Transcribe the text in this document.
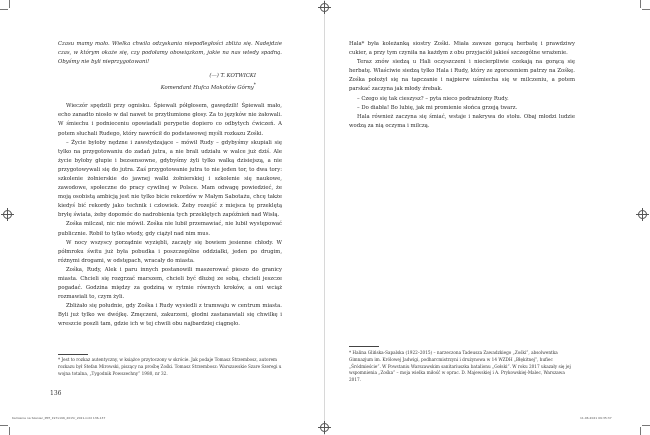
Czasu mamy mało. Wielka chwila odzyskania niepodległości zbliża się. Nadejdzie czas, w którym okaże się, czy podołamy obowiązkom, jakie na nas wtedy spadną. Obyśmy nie byli nieprzygotowani!
(—) T. KOTWICKI
Komendant Hufca Mokotów Górny*

Wieczór spędzili przy ognisku. Śpiewali półgłosem, gawędzili! Śpiewali mało, echo zanadto niosło w dal nawet te przytłumione głosy. Za to języków nie żałowali. W śmiechu i podnieceniu opowiadali perypetie dopiero co odbytych ćwiczeń. A potem słuchali Rudego, który nawrócił do podstawowej myśli rozkazu Zośki.

– Życie byłoby nędzne i zawstydzające – mówił Rudy – gdybyśmy skupiali się tylko na przygotowaniu do zadań jutra, a nie brali udziału w walce już dziś. Ale życie byłoby głupie i bezsensowne, gdybyśmy żyli tylko walką dzisiejszą, a nie przygotowywali się do jutra. Zaś przygotowanie jutra to nie jeden tor, to dwa tory: szkolenie żołnierskie do jawnej walki żołnierskiej i szkolenie się naukowe, zawodowe, społeczne do pracy cywilnej w Polsce. Mam odwagę powiedzieć, że moją osobistą ambicją jest nie tylko bicie rekordów w Małym Sabotażu, chcę także kiedyś bić rekordy jako technik i człowiek. Żeby rozejść z miejsca tę przeklętą bryłę świata, żeby dopomóc do nadrobienia tych przeklętych zapóźnień nad Wisłą.

Zośka milczał, nic nie mówił. Zośka nie lubił przemawiać, nie lubił występować publicznie. Robił to tylko wtedy, gdy ciążył nad nim mus.

W nocy wszyscy porządnie wyziębli, zaczęły się bowiem jesienne chłody. W półmroku świtu już była pobudka i poszczególne oddziałki, jeden po drugim, różnymi drogami, w odstępach, wracały do miasta.

Zośka, Rudy, Alek i paru innych postanowili maszerować pieszo do granicy miasta. Chcieli się rozgrzać marszem, chcieli być dłużej ze sobą, chcieli jeszcze pogadać. Godzina między za godziną w rytmie równych kroków, a oni wciąż rozmawiali to, czym żyli.

Zbliżało się południe, gdy Zośka i Rudy wysiedli z tramwaju w centrum miasta. Byli już tylko we dwójkę. Zmęczeni, zakurzeni, głodni zastanawiali się chwilkę i wreszcie poszli tam, gdzie ich w tej chwili obu najbardziej ciągnęło.

* Jest to rozkaz autentyczny, w książce przytoczony w skrócie. Jak podaje Tomasz Strzembosz, autorem rozkazu był Stefan Mirowski, piszący na prośbę Zośki. Tomasz Strzembosz: Warszawskie Szare Szeregi u wojna totalna, „Tygodnik Powszechny” 1980, nr 32.
136

Hala* była koleżanką siostry Zośki. Miała zawsze gorącą herbatę i prawdziwy cukier, a przy tym czyniła na każdym z obu przyjaciół jakieś szczególne wrażenie.

Teraz znów siedzą u Hali oczyszczeni i niecierpliwie czekają na gorącą się herbatę. Właściwie siedzą tylko Hala i Rudy, który ze zgorszeniem patrzy na Zośkę. Zośka położył się na tapczanie i najpierw uśmiecha się w milczeniu, a potem parskać zaczyna jak młody źrebak.

– Czego się tak cieszysz? – pyta nieco podrażniony Rudy.

– Do diabła! Bo lubię, jak mi promienie słońca grzeją twarz.

Hala również zaczyna się śmiać, wstaje i nakrywa do stołu. Obaj młodzi ludzie wodzą za nią oczyma i milczą.

* Halina Glińska-Sapalska (1922–2015) – narzeczona Tadeusza Zawadzkiego „Zośki”, absolwentka Gimnazjum im. Królowej Jadwigi, podharcmistrzyni i drużynowa w 14 WZDH „Błękitnej”, hufiec „Śródmieście”. W Powstaniu Warszawskim sanitariuszka batalionu „Gołski”. W roku 2017 ukazały się jej wspomnienia „Zośka” – moja wielka miłość w oprac. D. Majewskiej i A. Prykowskiej-Malec, Warszawa 2017.
Kamienie na Szaniec_PRT_197x196_2015r_2021.indd 136-137	11.06.2021 09:35:37
